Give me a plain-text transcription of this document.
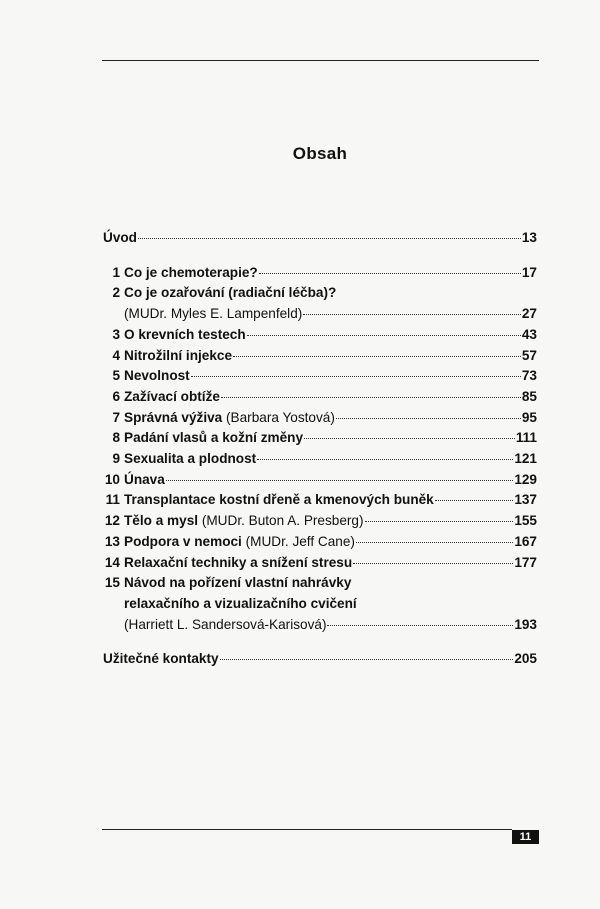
Obsah
Úvod	13
1 Co je chemoterapie?	17
2 Co je ozařování (radiační léčba)?
(MUDr. Myles E. Lampenfeld)	27
3 O krevních testech	43
4 Nitrožilní injekce	57
5 Nevolnost	73
6 Zažívací obtíže	85
7 Správná výživa (Barbara Yostová)	95
8 Padání vlasů a kožní změny	111
9 Sexualita a plodnost	121
10 Únava	129
11 Transplantace kostní dřeně a kmenových buněk	137
12 Tělo a mysl (MUDr. Buton A. Presberg)	155
13 Podpora v nemoci (MUDr. Jeff Cane)	167
14 Relaxační techniky a snížení stresu	177
15 Návod na pořízení vlastní nahrávky
relaxačního a vizualizačního cvičení
(Harriett L. Sandersová-Karisová)	193
Užitečné kontakty	205
11
